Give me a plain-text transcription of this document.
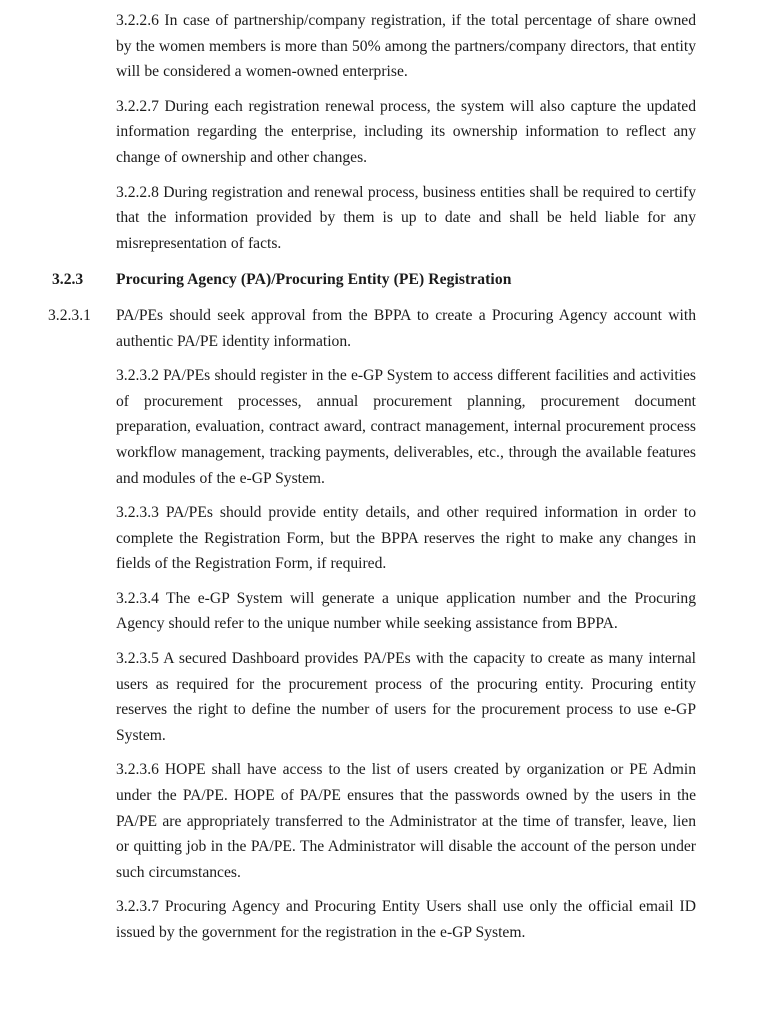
3.2.2.6 In case of partnership/company registration, if the total percentage of share owned by the women members is more than 50% among the partners/company directors, that entity will be considered a women-owned enterprise.

3.2.2.7 During each registration renewal process, the system will also capture the updated information regarding the enterprise, including its ownership information to reflect any change of ownership and other changes.

3.2.2.8 During registration and renewal process, business entities shall be required to certify that the information provided by them is up to date and shall be held liable for any misrepresentation of facts.

3.2.3	Procuring Agency (PA)/Procuring Entity (PE) Registration
3.2.3.1	PA/PEs should seek approval from the BPPA to create a Procuring Agency account with authentic PA/PE identity information.

3.2.3.2 PA/PEs should register in the e-GP System to access different facilities and activities of procurement processes, annual procurement planning, procurement document preparation, evaluation, contract award, contract management, internal procurement process workflow management, tracking payments, deliverables, etc., through the available features and modules of the e-GP System.

3.2.3.3 PA/PEs should provide entity details, and other required information in order to complete the Registration Form, but the BPPA reserves the right to make any changes in fields of the Registration Form, if required.

3.2.3.4 The e-GP System will generate a unique application number and the Procuring Agency should refer to the unique number while seeking assistance from BPPA.

3.2.3.5 A secured Dashboard provides PA/PEs with the capacity to create as many internal users as required for the procurement process of the procuring entity. Procuring entity reserves the right to define the number of users for the procurement process to use e-GP System.

3.2.3.6 HOPE shall have access to the list of users created by organization or PE Admin under the PA/PE. HOPE of PA/PE ensures that the passwords owned by the users in the PA/PE are appropriately transferred to the Administrator at the time of transfer, leave, lien or quitting job in the PA/PE. The Administrator will disable the account of the person under such circumstances.

3.2.3.7 Procuring Agency and Procuring Entity Users shall use only the official email ID issued by the government for the registration in the e-GP System.
